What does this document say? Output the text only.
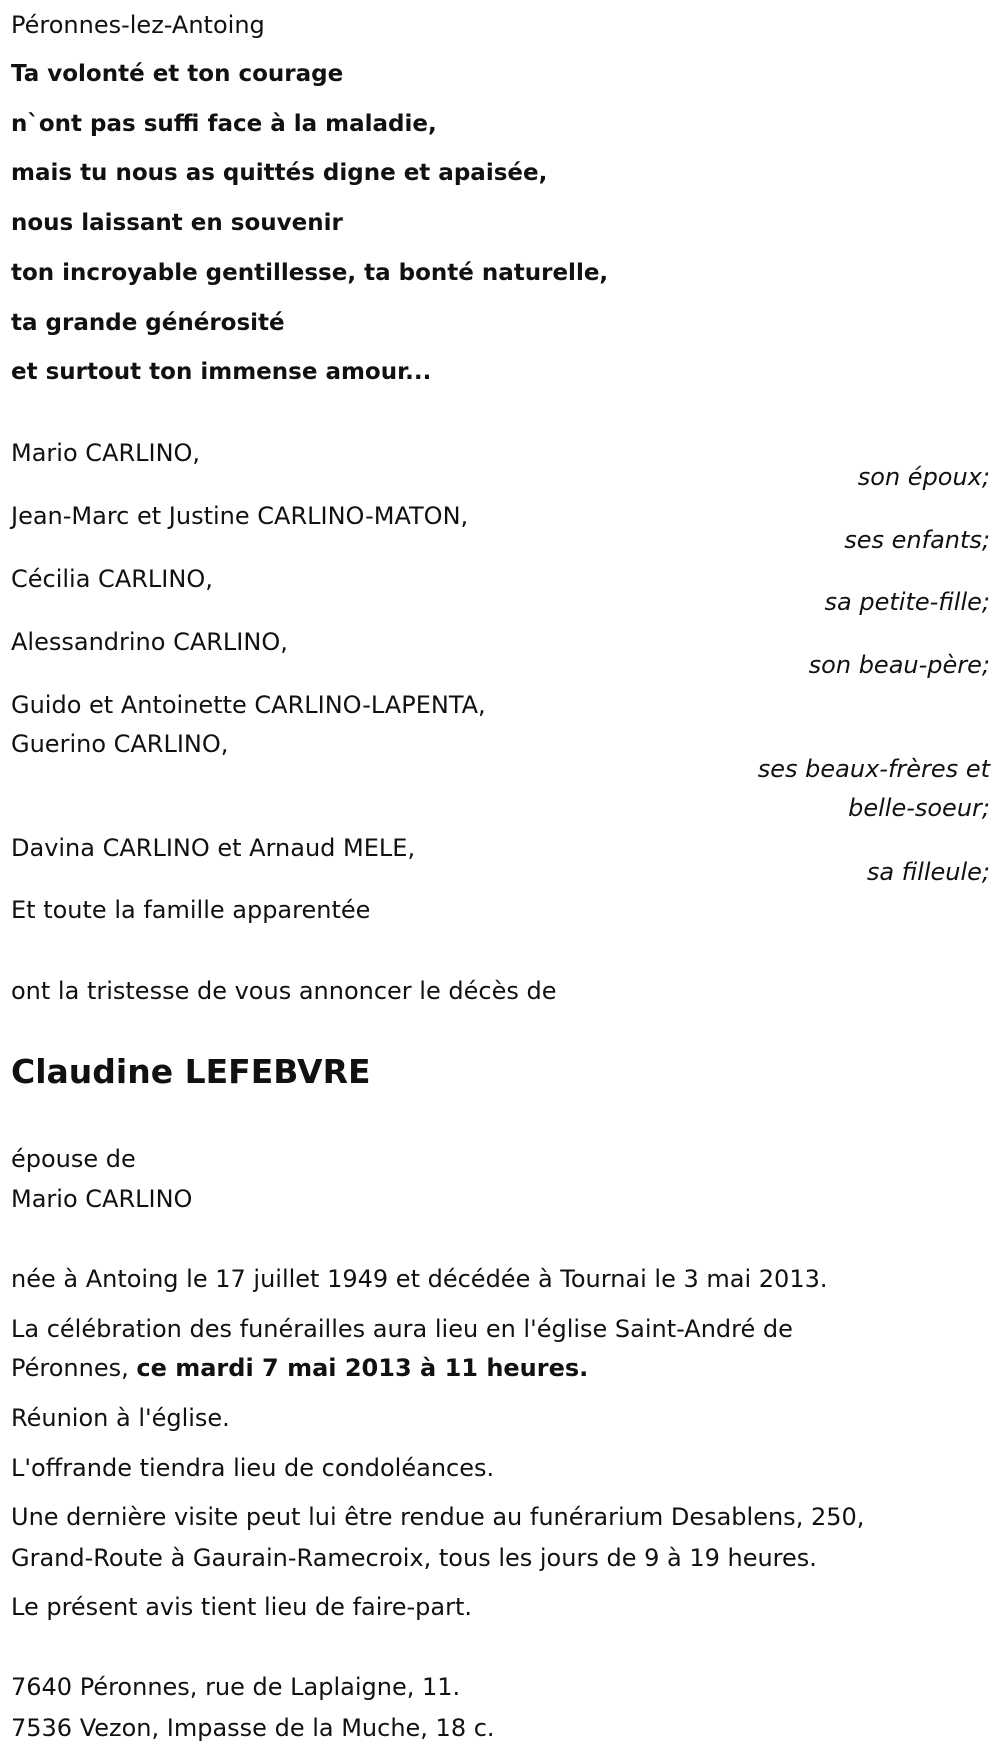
Péronnes-lez-Antoing
Ta volonté et ton courage
n`ont pas suffi face à la maladie,
mais tu nous as quittés digne et apaisée,
nous laissant en souvenir
ton incroyable gentillesse, ta bonté naturelle,
ta grande générosité
et surtout ton immense amour...
Mario CARLINO,
son époux;
Jean-Marc et Justine CARLINO-MATON,
ses enfants;
Cécilia CARLINO,
sa petite-fille;
Alessandrino CARLINO,
son beau-père;
Guido et Antoinette CARLINO-LAPENTA,
Guerino CARLINO,
ses beaux-frères et
belle-soeur;
Davina CARLINO et Arnaud MELE,
sa filleule;
Et toute la famille apparentée
ont la tristesse de vous annoncer le décès de
Claudine LEFEBVRE
épouse de
Mario CARLINO
née à Antoing le 17 juillet 1949 et décédée à Tournai le 3 mai 2013.
La célébration des funérailles aura lieu en l'église Saint-André de
Péronnes, ce mardi 7 mai 2013 à 11 heures.
Réunion à l'église.
L'offrande tiendra lieu de condoléances.
Une dernière visite peut lui être rendue au funérarium Desablens, 250,
Grand-Route à Gaurain-Ramecroix, tous les jours de 9 à 19 heures.
Le présent avis tient lieu de faire-part.
7640 Péronnes, rue de Laplaigne, 11.
7536 Vezon, Impasse de la Muche, 18 c.
